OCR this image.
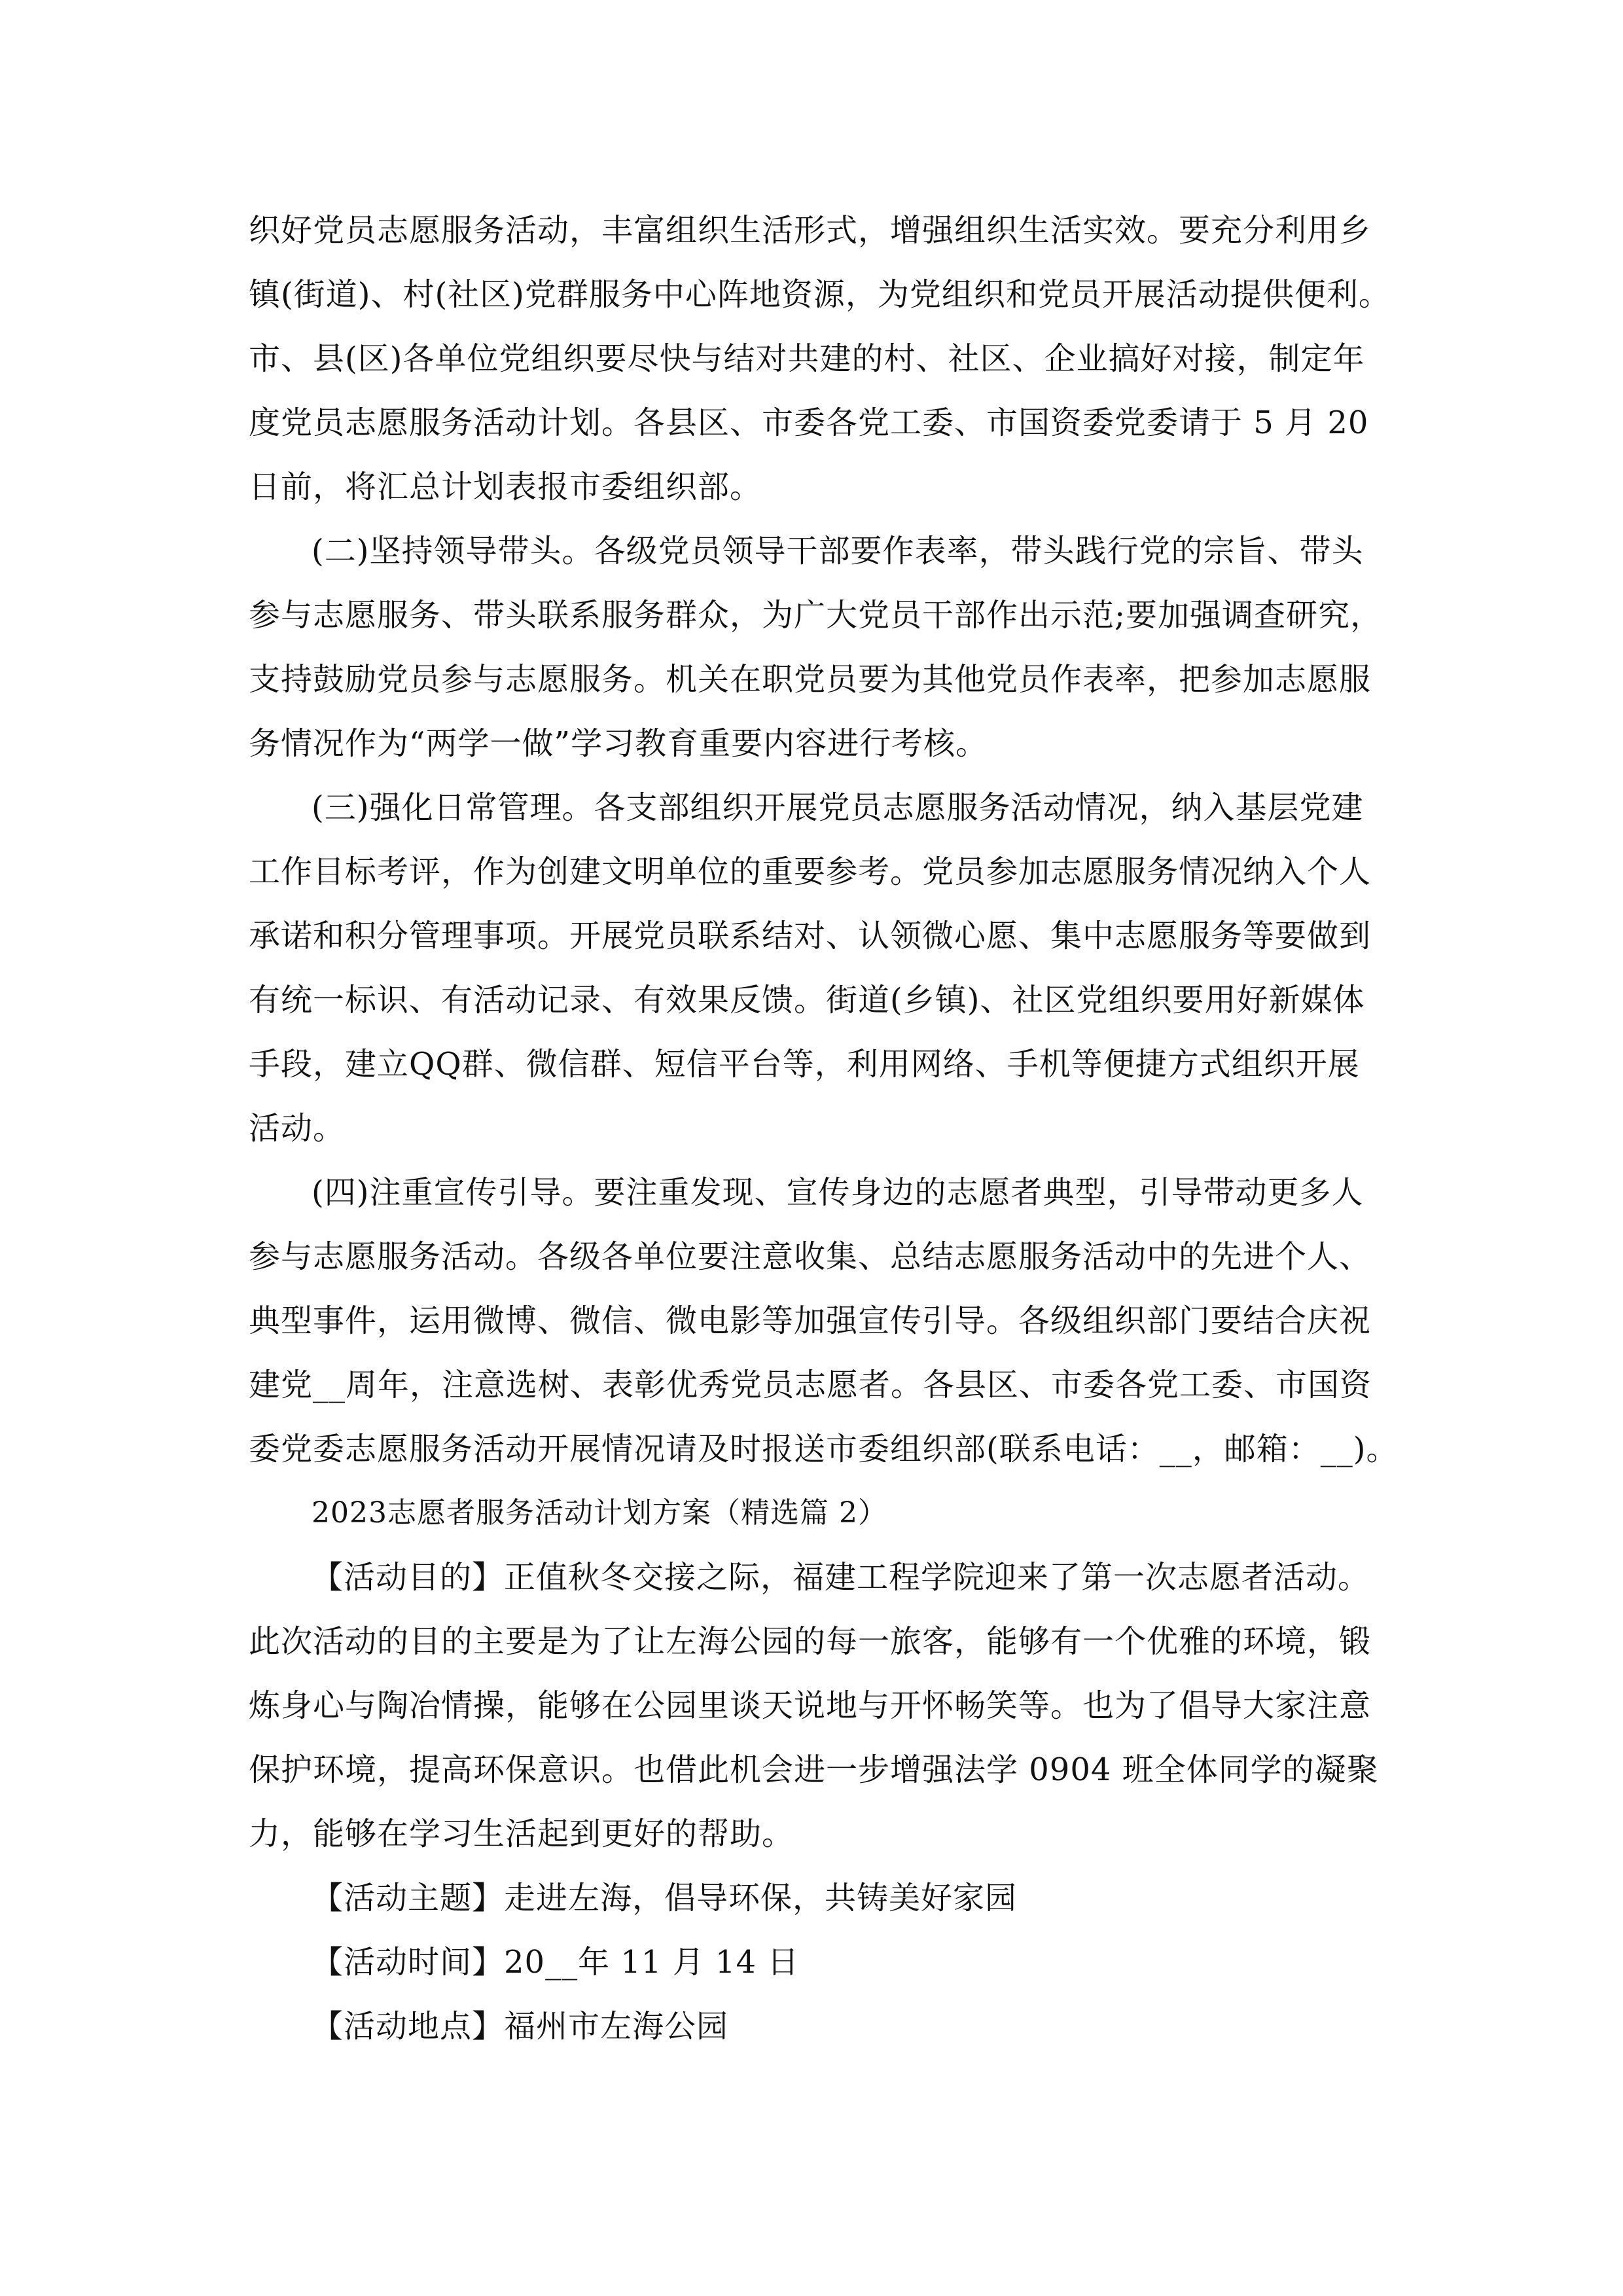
织好党员志愿服务活动，丰富组织生活形式，增强组织生活实效。要充分利用乡
镇(街道)、村(社区)党群服务中心阵地资源，为党组织和党员开展活动提供便利。
市、县(区)各单位党组织要尽快与结对共建的村、社区、企业搞好对接，制定年
度党员志愿服务活动计划。各县区、市委各党工委、市国资委党委请于 5 月 20
日前，将汇总计划表报市委组织部。
(二)坚持领导带头。各级党员领导干部要作表率，带头践行党的宗旨、带头
参与志愿服务、带头联系服务群众，为广大党员干部作出示范;要加强调查研究，
支持鼓励党员参与志愿服务。机关在职党员要为其他党员作表率，把参加志愿服
务情况作为“两学一做”学习教育重要内容进行考核。
(三)强化日常管理。各支部组织开展党员志愿服务活动情况，纳入基层党建
工作目标考评，作为创建文明单位的重要参考。党员参加志愿服务情况纳入个人
承诺和积分管理事项。开展党员联系结对、认领微心愿、集中志愿服务等要做到
有统一标识、有活动记录、有效果反馈。街道(乡镇)、社区党组织要用好新媒体
手段，建立QQ群、微信群、短信平台等，利用网络、手机等便捷方式组织开展
活动。
(四)注重宣传引导。要注重发现、宣传身边的志愿者典型，引导带动更多人
参与志愿服务活动。各级各单位要注意收集、总结志愿服务活动中的先进个人、
典型事件，运用微博、微信、微电影等加强宣传引导。各级组织部门要结合庆祝
建党__周年，注意选树、表彰优秀党员志愿者。各县区、市委各党工委、市国资
委党委志愿服务活动开展情况请及时报送市委组织部(联系电话：__，邮箱：__)。
2023志愿者服务活动计划方案（精选篇 2）
【活动目的】正值秋冬交接之际，福建工程学院迎来了第一次志愿者活动。
此次活动的目的主要是为了让左海公园的每一旅客，能够有一个优雅的环境，锻
炼身心与陶冶情操，能够在公园里谈天说地与开怀畅笑等。也为了倡导大家注意
保护环境，提高环保意识。也借此机会进一步增强法学 0904 班全体同学的凝聚
力，能够在学习生活起到更好的帮助。
【活动主题】走进左海，倡导环保，共铸美好家园
【活动时间】20__年 11 月 14 日
【活动地点】福州市左海公园
